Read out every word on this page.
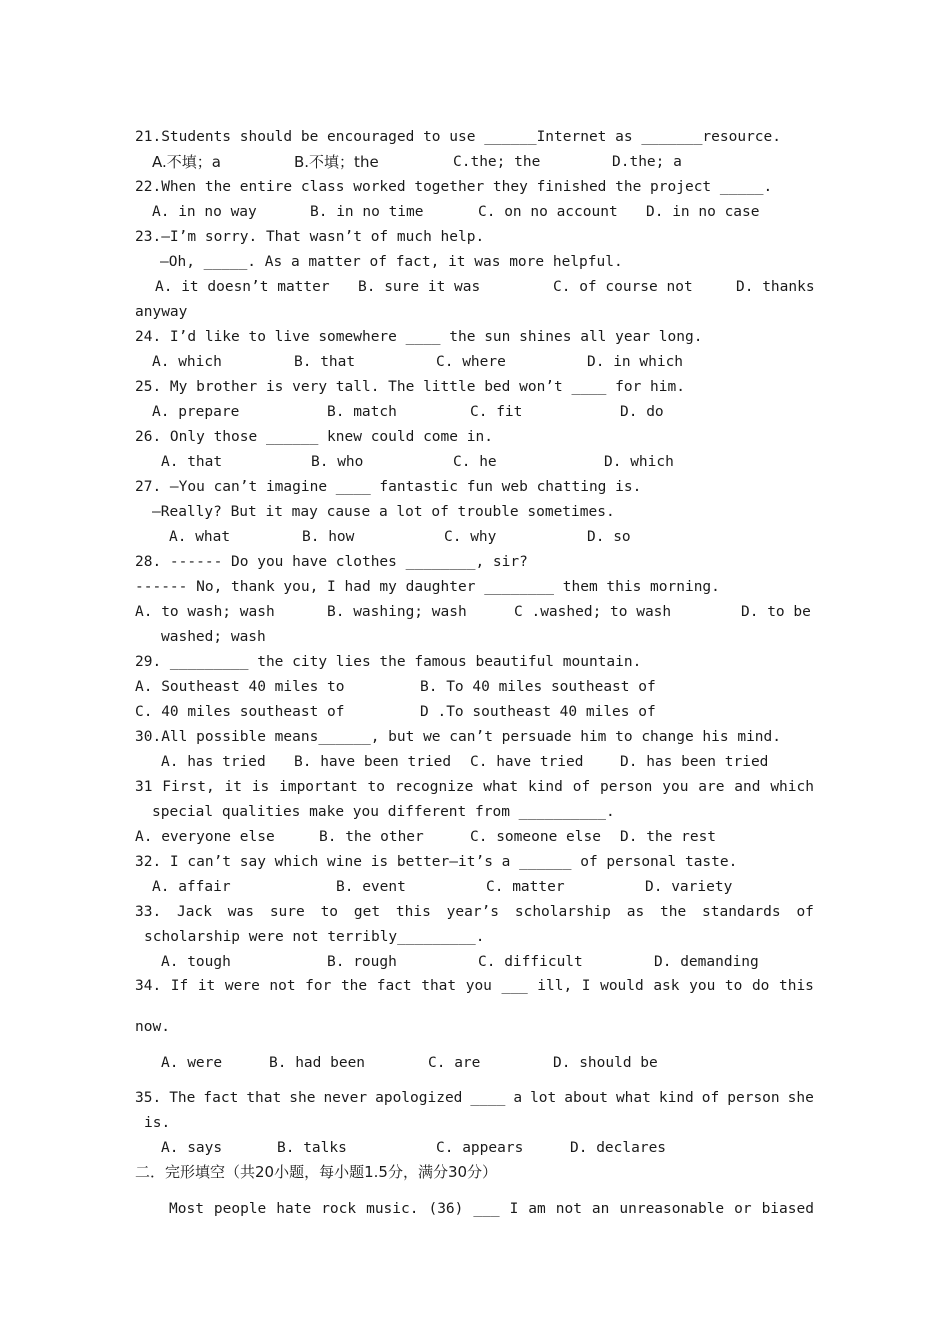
21.Students should be encouraged to use ______Internet as _______resource.
A.不填；a	B.不填；the	C.the; the	D.the; a
22.When the entire class worked together they finished the project _____.
A. in no way	B. in no time	C. on no account D. in no case
23.—I’m sorry. That wasn’t of much help.
—Oh, _____. As a matter of fact, it was more helpful.
A. it doesn’t matter B. sure it was	C. of course not	D. thanks
anyway
24. I’d like to live somewhere ____ the sun shines all year long.
A. which	B. that	C. where	D. in which
25. My brother is very tall. The little bed won’t ____ for him.
A. prepare	B. match	C. fit	D. do
26. Only those ______ knew could come in.
A. that	B. who	C. he	D. which
27. —You can’t imagine ____ fantastic fun web chatting is.
—Really? But it may cause a lot of trouble sometimes.
A. what	B. how	C. why	D. so
28. ------ Do you have clothes ________, sir?
------ No, thank you, I had my daughter ________ them this morning.
A. to wash; wash	B. washing; wash	C .washed; to wash	D. to be
washed; wash
29. _________ the city lies the famous beautiful mountain.
A. Southeast 40 miles to	B. To 40 miles southeast of
C. 40 miles southeast of	D .To southeast 40 miles of
30.All possible means______, but we can’t persuade him to change his mind.
A. has tried B. have been tried C. have tried	D. has been tried
31 First, it is important to recognize what kind of person you are and which
special qualities make you different from __________.
A. everyone else	B. the other	C. someone else D. the rest
32. I can’t say which wine is better—it’s a ______ of personal taste.
A. affair	B. event	C. matter	D. variety
33. Jack was sure to get this year’s scholarship as the standards of
scholarship were not terribly_________.
A. tough	B. rough	C. difficult	D. demanding
34. If it were not for the fact that you ___ ill, I would ask you to do this
now.
A. were	B. had been	C. are	D. should be
35. The fact that she never apologized ____ a lot about what kind of person she
is.
A. says	B. talks	C. appears	D. declares
二．完形填空（共20小题，每小题1.5分，满分30分）
Most people hate rock music. (36) ___ I am not an unreasonable or biased
